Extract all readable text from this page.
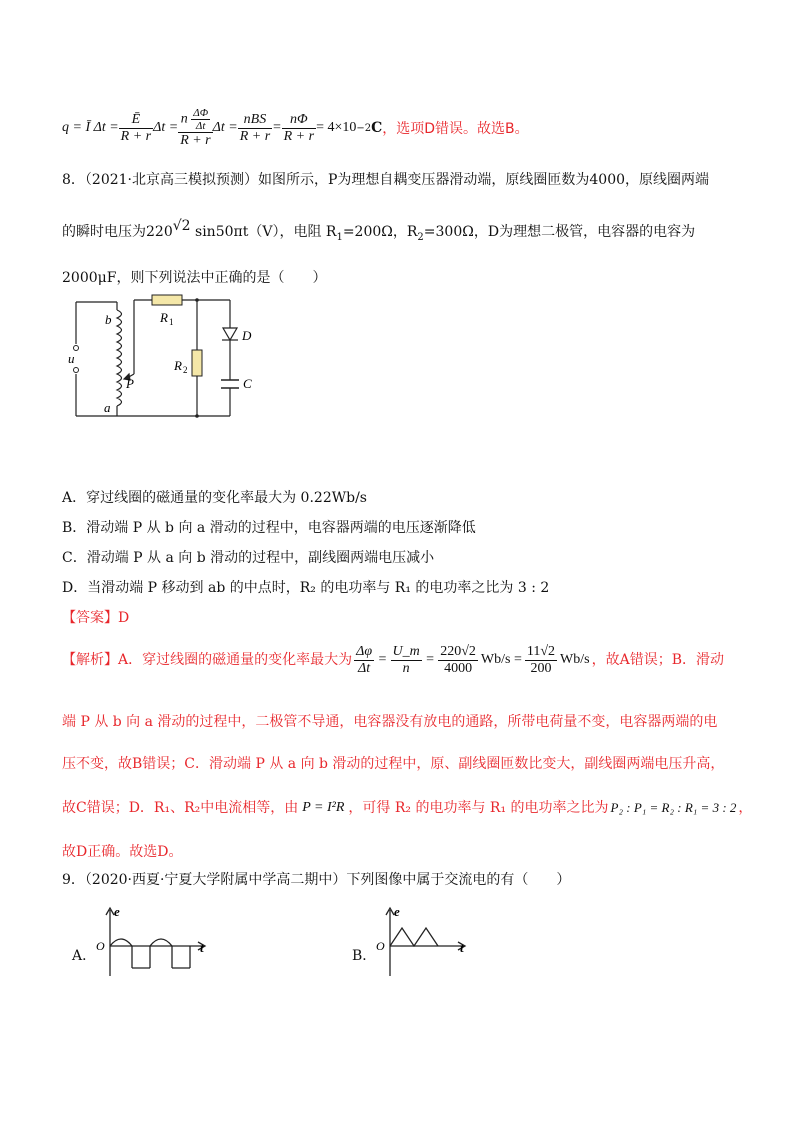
q = Ī $\Delta t = \frac{Ē}{R + r}$ $\Delta t = \frac{n \frac{\Delta\Phi}{\Delta t}}{R + r}$ $\Delta t = \frac{\text{nBS}}{R + r} = \frac{n\Phi}{R + r} = 4\times 10 -2$ C ，选项D错误。故选B。
8．（2021·北京高三模拟预测）如图所示，P为理想自耦变压器滑动端，原线圈匝数为4000，原线圈两端
的瞬时电压为220√2 sin50πt（V），电阻 $R_1=200\Omega$，$R_2=300\Omega$，D为理想二极管，电容器的电容为
2000μF，则下列说法中正确的是（　　）
b
a
u
P
R 1
R 2
D
C
A．穿过线圈的磁通量的变化率最大为 0.22Wb/s
B．滑动端 P 从 b 向 a 滑动的过程中，电容器两端的电压逐渐降低
C．滑动端 P 从 a 向 b 滑动的过程中，副线圈两端电压减小
D．当滑动端 P 移动到 ab 的中点时，R₂ 的电功率与 R₁ 的电功率之比为 3 : 2
【答案】D
【解析】 A．穿过线圈的磁通量的变化率最大为 $\frac{\Delta\varphi}{\Delta t} = \frac{U\_m}{n} = \frac{220√2}{4000} Wb/s = \frac{11√2}{200} Wb/s$ ，故A错误；B．滑动
端 P 从 b 向 a 滑动的过程中，二极管不导通，电容器没有放电的通路，所带电荷量不变，电容器两端的电
压不变，故B错误；C．滑动端 P 从 a 向 b 滑动的过程中，原、副线圈匝数比变大，副线圈两端电压升高，
故C错误；D．R₁、R₂中电流相等，由 P = I²R ，可得 R₂ 的电功率与 R₁ 的电功率之比为 P₂ : P₁ = R₂ : R₁ = 3 : 2 ，
故D正确。故选D。
9．（2020·西夏·宁夏大学附属中学高二期中）下列图像中属于交流电的有（　　）
A．
e
O	t
B．
e
O	t
